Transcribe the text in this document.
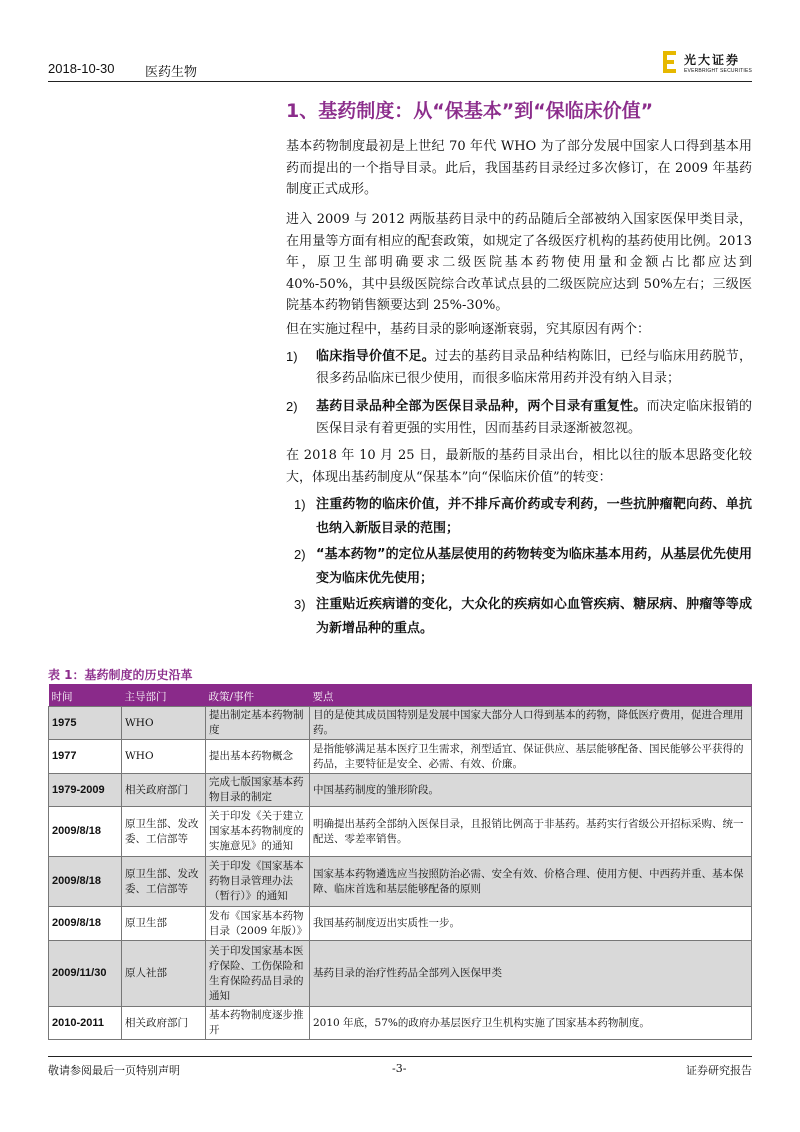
2018-10-30 医药生物
光大证券
EVERBRIGHT SECURITIES
1、基药制度：从“保基本”到“保临床价值”

基本药物制度最初是上世纪 70 年代 WHO 为了部分发展中国家人口得到基本用药而提出的一个指导目录。此后，我国基药目录经过多次修订，在 2009 年基药制度正式成形。

进入 2009 与 2012 两版基药目录中的药品随后全部被纳入国家医保甲类目录，在用量等方面有相应的配套政策，如规定了各级医疗机构的基药使用比例。2013 年，原卫生部明确要求二级医院基本药物使用量和金额占比都应达到 40%-50%，其中县级医院综合改革试点县的二级医院应达到 50%左右；三级医院基本药物销售额要达到 25%-30%。

但在实施过程中，基药目录的影响逐渐衰弱，究其原因有两个：

1) 临床指导价值不足。过去的基药目录品种结构陈旧，已经与临床用药脱节，很多药品临床已很少使用，而很多临床常用药并没有纳入目录；
2) 基药目录品种全部为医保目录品种，两个目录有重复性。而决定临床报销的医保目录有着更强的实用性，因而基药目录逐渐被忽视。

在 2018 年 10 月 25 日，最新版的基药目录出台，相比以往的版本思路变化较大，体现出基药制度从“保基本”向“保临床价值”的转变：

1) 注重药物的临床价值，并不排斥高价药或专利药，一些抗肿瘤靶向药、单抗也纳入新版目录的范围；
2) “基本药物”的定位从基层使用的药物转变为临床基本用药，从基层优先使用变为临床优先使用；
3) 注重贴近疾病谱的变化，大众化的疾病如心血管疾病、糖尿病、肿瘤等等成为新增品种的重点。
表 1：基药制度的历史沿革
时间	主导部门	政策/事件	要点
1975	WHO	提出制定基本药物制度	目的是使其成员国特别是发展中国家大部分人口得到基本的药物，降低医疗费用，促进合理用药。
1977	WHO	提出基本药物概念	是指能够满足基本医疗卫生需求，剂型适宜、保证供应、基层能够配备、国民能够公平获得的药品，主要特征是安全、必需、有效、价廉。
1979-2009	相关政府部门	完成七版国家基本药物目录的制定	中国基药制度的雏形阶段。
2009/8/18	原卫生部、发改委、工信部等	关于印发《关于建立国家基本药物制度的实施意见》的通知	明确提出基药全部纳入医保目录，且报销比例高于非基药。基药实行省级公开招标采购、统一配送、零差率销售。
2009/8/18	原卫生部、发改委、工信部等	关于印发《国家基本药物目录管理办法（暂行）》的通知	国家基本药物遴选应当按照防治必需、安全有效、价格合理、使用方便、中西药并重、基本保障、临床首选和基层能够配备的原则
2009/8/18	原卫生部	发布《国家基本药物目录（2009 年版）》	我国基药制度迈出实质性一步。
2009/11/30	原人社部	关于印发国家基本医疗保险、工伤保险和生育保险药品目录的通知	基药目录的治疗性药品全部列入医保甲类
2010-2011	相关政府部门	基本药物制度逐步推开	2010 年底，57%的政府办基层医疗卫生机构实施了国家基本药物制度。
敬请参阅最后一页特别声明	-3-	证券研究报告
